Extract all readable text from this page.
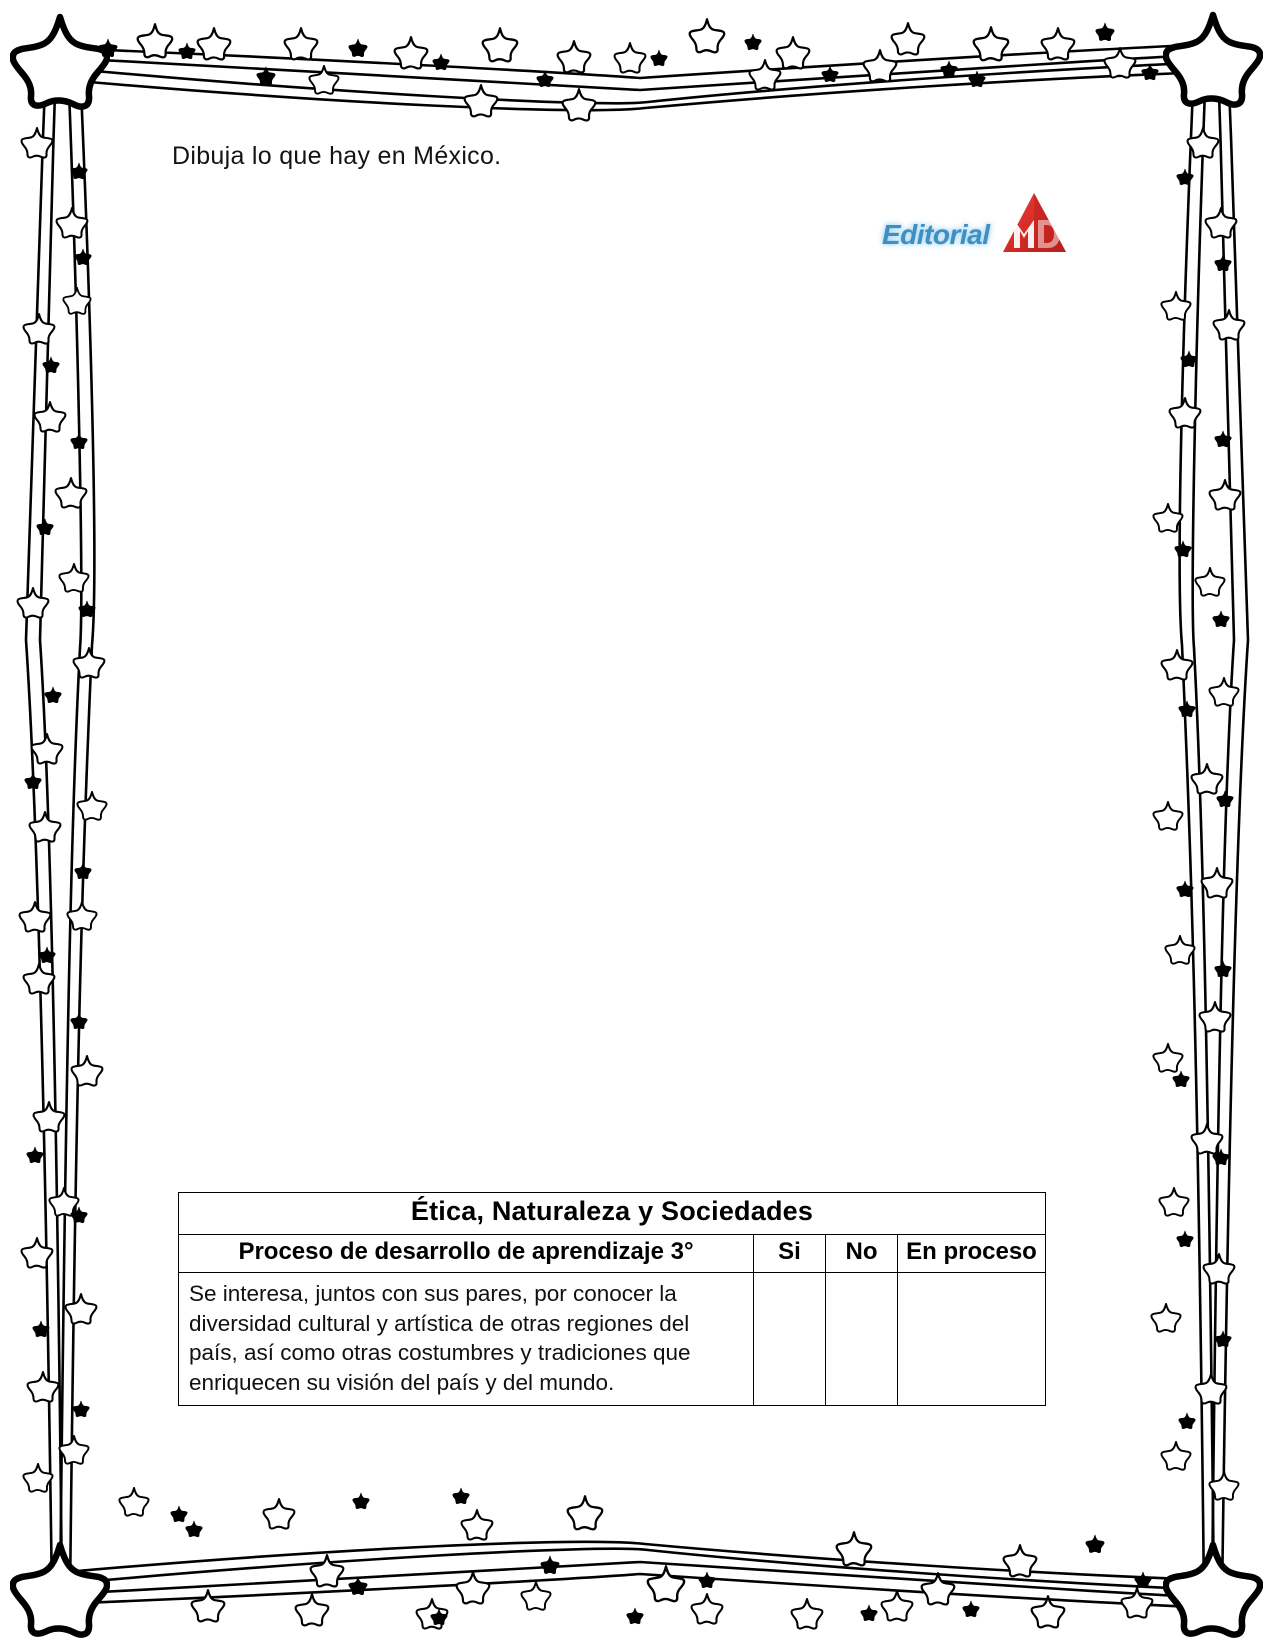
Dibuja lo que hay en México.
Editorial
Ética, Naturaleza y Sociedades			
Proceso de desarrollo de aprendizaje 3°	Si	No	En proceso
Se interesa, juntos con sus pares, por conocer la diversidad cultural y artística de otras regiones del país, así como otras costumbres y tradiciones que enriquecen su visión del país y del mundo.			
